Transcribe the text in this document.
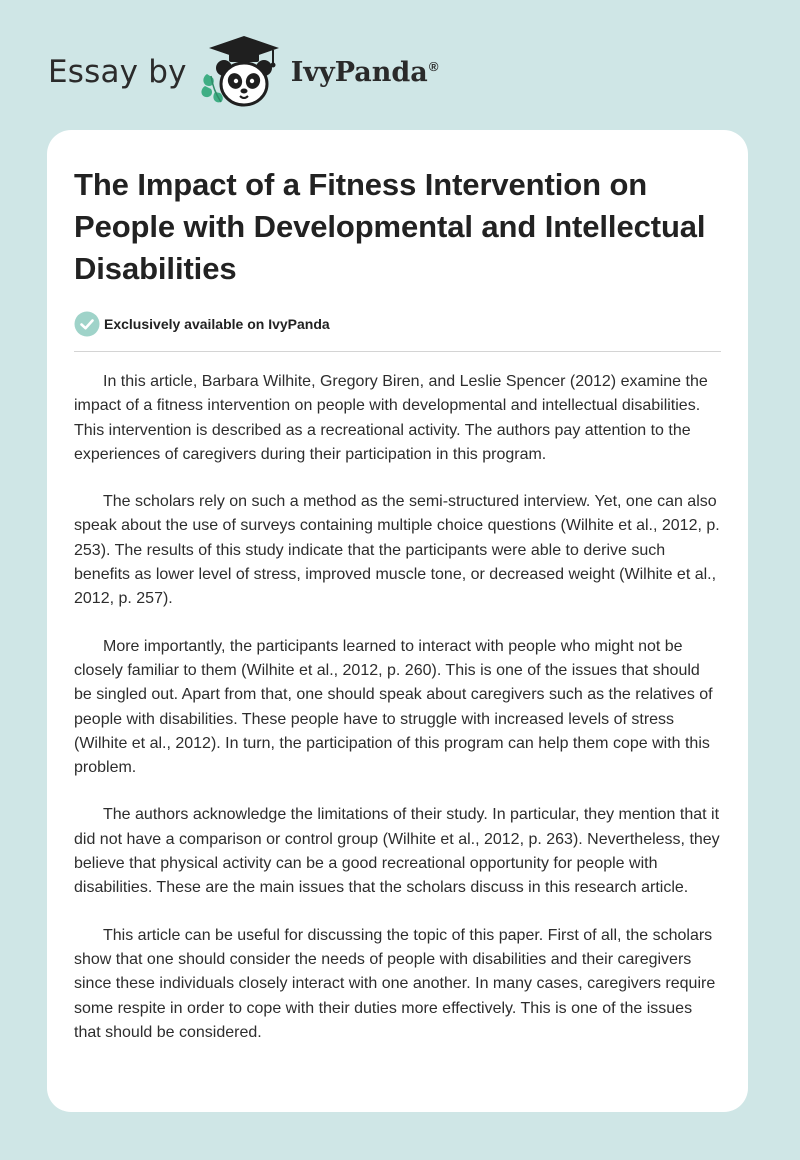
Essay by	IvyPanda®
The Impact of a Fitness Intervention on People with Developmental and Intellectual Disabilities
Exclusively available on IvyPanda

In this article, Barbara Wilhite, Gregory Biren, and Leslie Spencer (2012) examine the impact of a fitness intervention on people with developmental and intellectual disabilities. This intervention is described as a recreational activity. The authors pay attention to the experiences of caregivers during their participation in this program.

The scholars rely on such a method as the semi-structured interview. Yet, one can also speak about the use of surveys containing multiple choice questions (Wilhite et al., 2012, p. 253). The results of this study indicate that the participants were able to derive such benefits as lower level of stress, improved muscle tone, or decreased weight (Wilhite et al., 2012, p. 257).

More importantly, the participants learned to interact with people who might not be closely familiar to them (Wilhite et al., 2012, p. 260). This is one of the issues that should be singled out. Apart from that, one should speak about caregivers such as the relatives of people with disabilities. These people have to struggle with increased levels of stress (Wilhite et al., 2012). In turn, the participation of this program can help them cope with this problem.

The authors acknowledge the limitations of their study. In particular, they mention that it did not have a comparison or control group (Wilhite et al., 2012, p. 263). Nevertheless, they believe that physical activity can be a good recreational opportunity for people with disabilities. These are the main issues that the scholars discuss in this research article.

This article can be useful for discussing the topic of this paper. First of all, the scholars show that one should consider the needs of people with disabilities and their caregivers since these individuals closely interact with one another. In many cases, caregivers require some respite in order to cope with their duties more effectively. This is one of the issues that should be considered.
